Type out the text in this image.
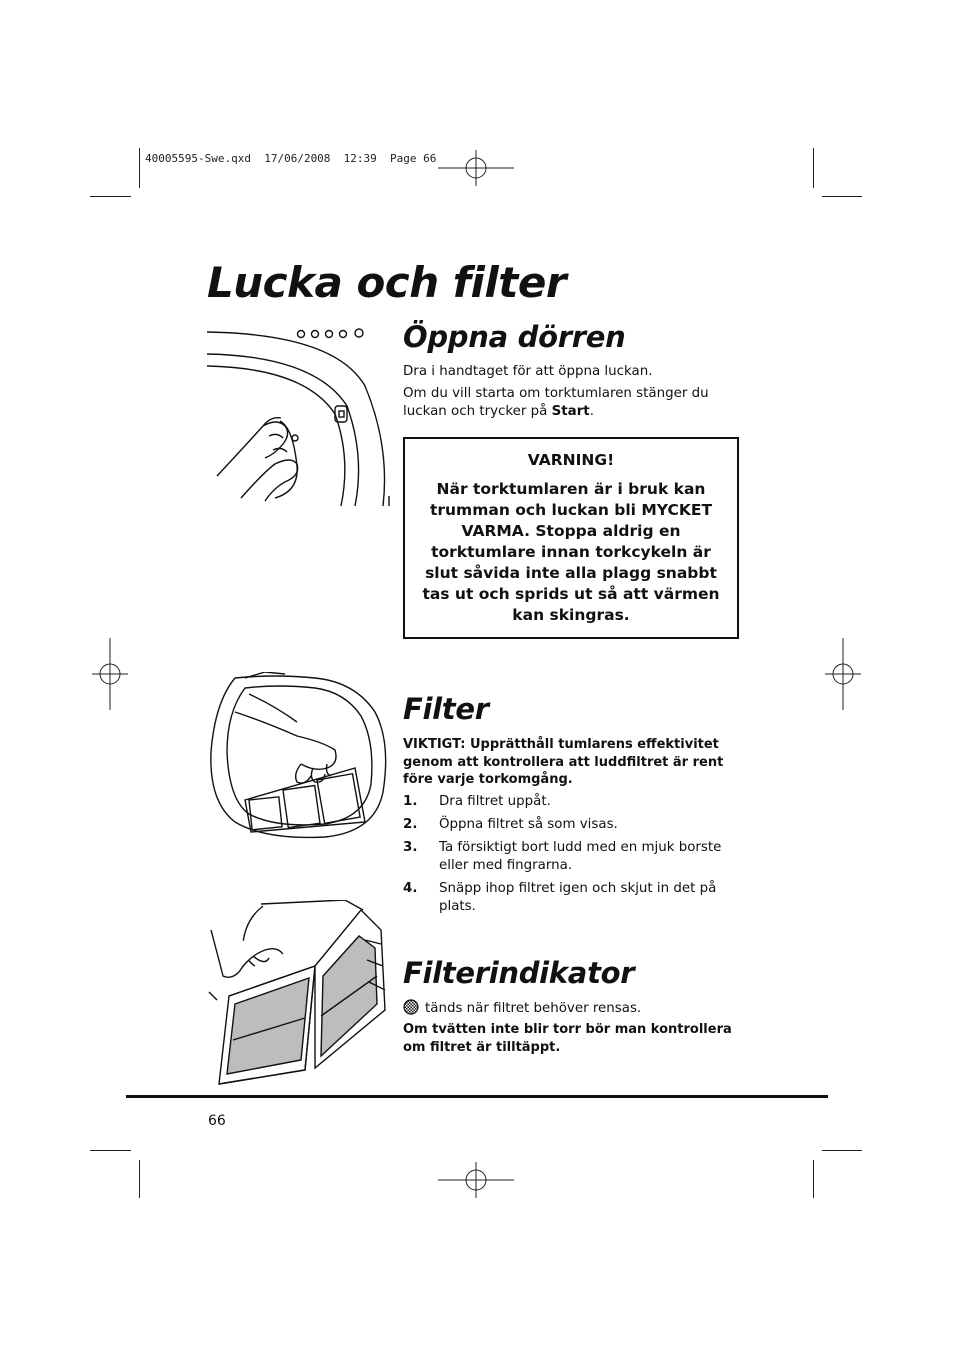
40005595-Swe.qxd  17/06/2008  12:39  Page 66
Lucka och filter
Öppna dörren

Dra i handtaget för att öppna luckan.

Om du vill starta om torktumlaren stänger du luckan och trycker på Start.

VARNING!

När torktumlaren är i bruk kan trumman och luckan bli MYCKET VARMA. Stoppa aldrig en torktumlare innan torkcykeln är slut såvida inte alla plagg snabbt tas ut och sprids ut så att värmen kan skingras.

Filter

VIKTIGT: Upprätthåll tumlarens effektivitet genom att kontrollera att luddfiltret är rent före varje torkomgång.

1. Dra filtret uppåt.
2. Öppna filtret så som visas.
3. Ta försiktigt bort ludd med en mjuk borste eller med fingrarna.
4. Snäpp ihop filtret igen och skjut in det på plats.
Filterindikator

tänds när filtret behöver rensas.

Om tvätten inte blir torr bör man kontrollera om filtret är tilltäppt.

66
